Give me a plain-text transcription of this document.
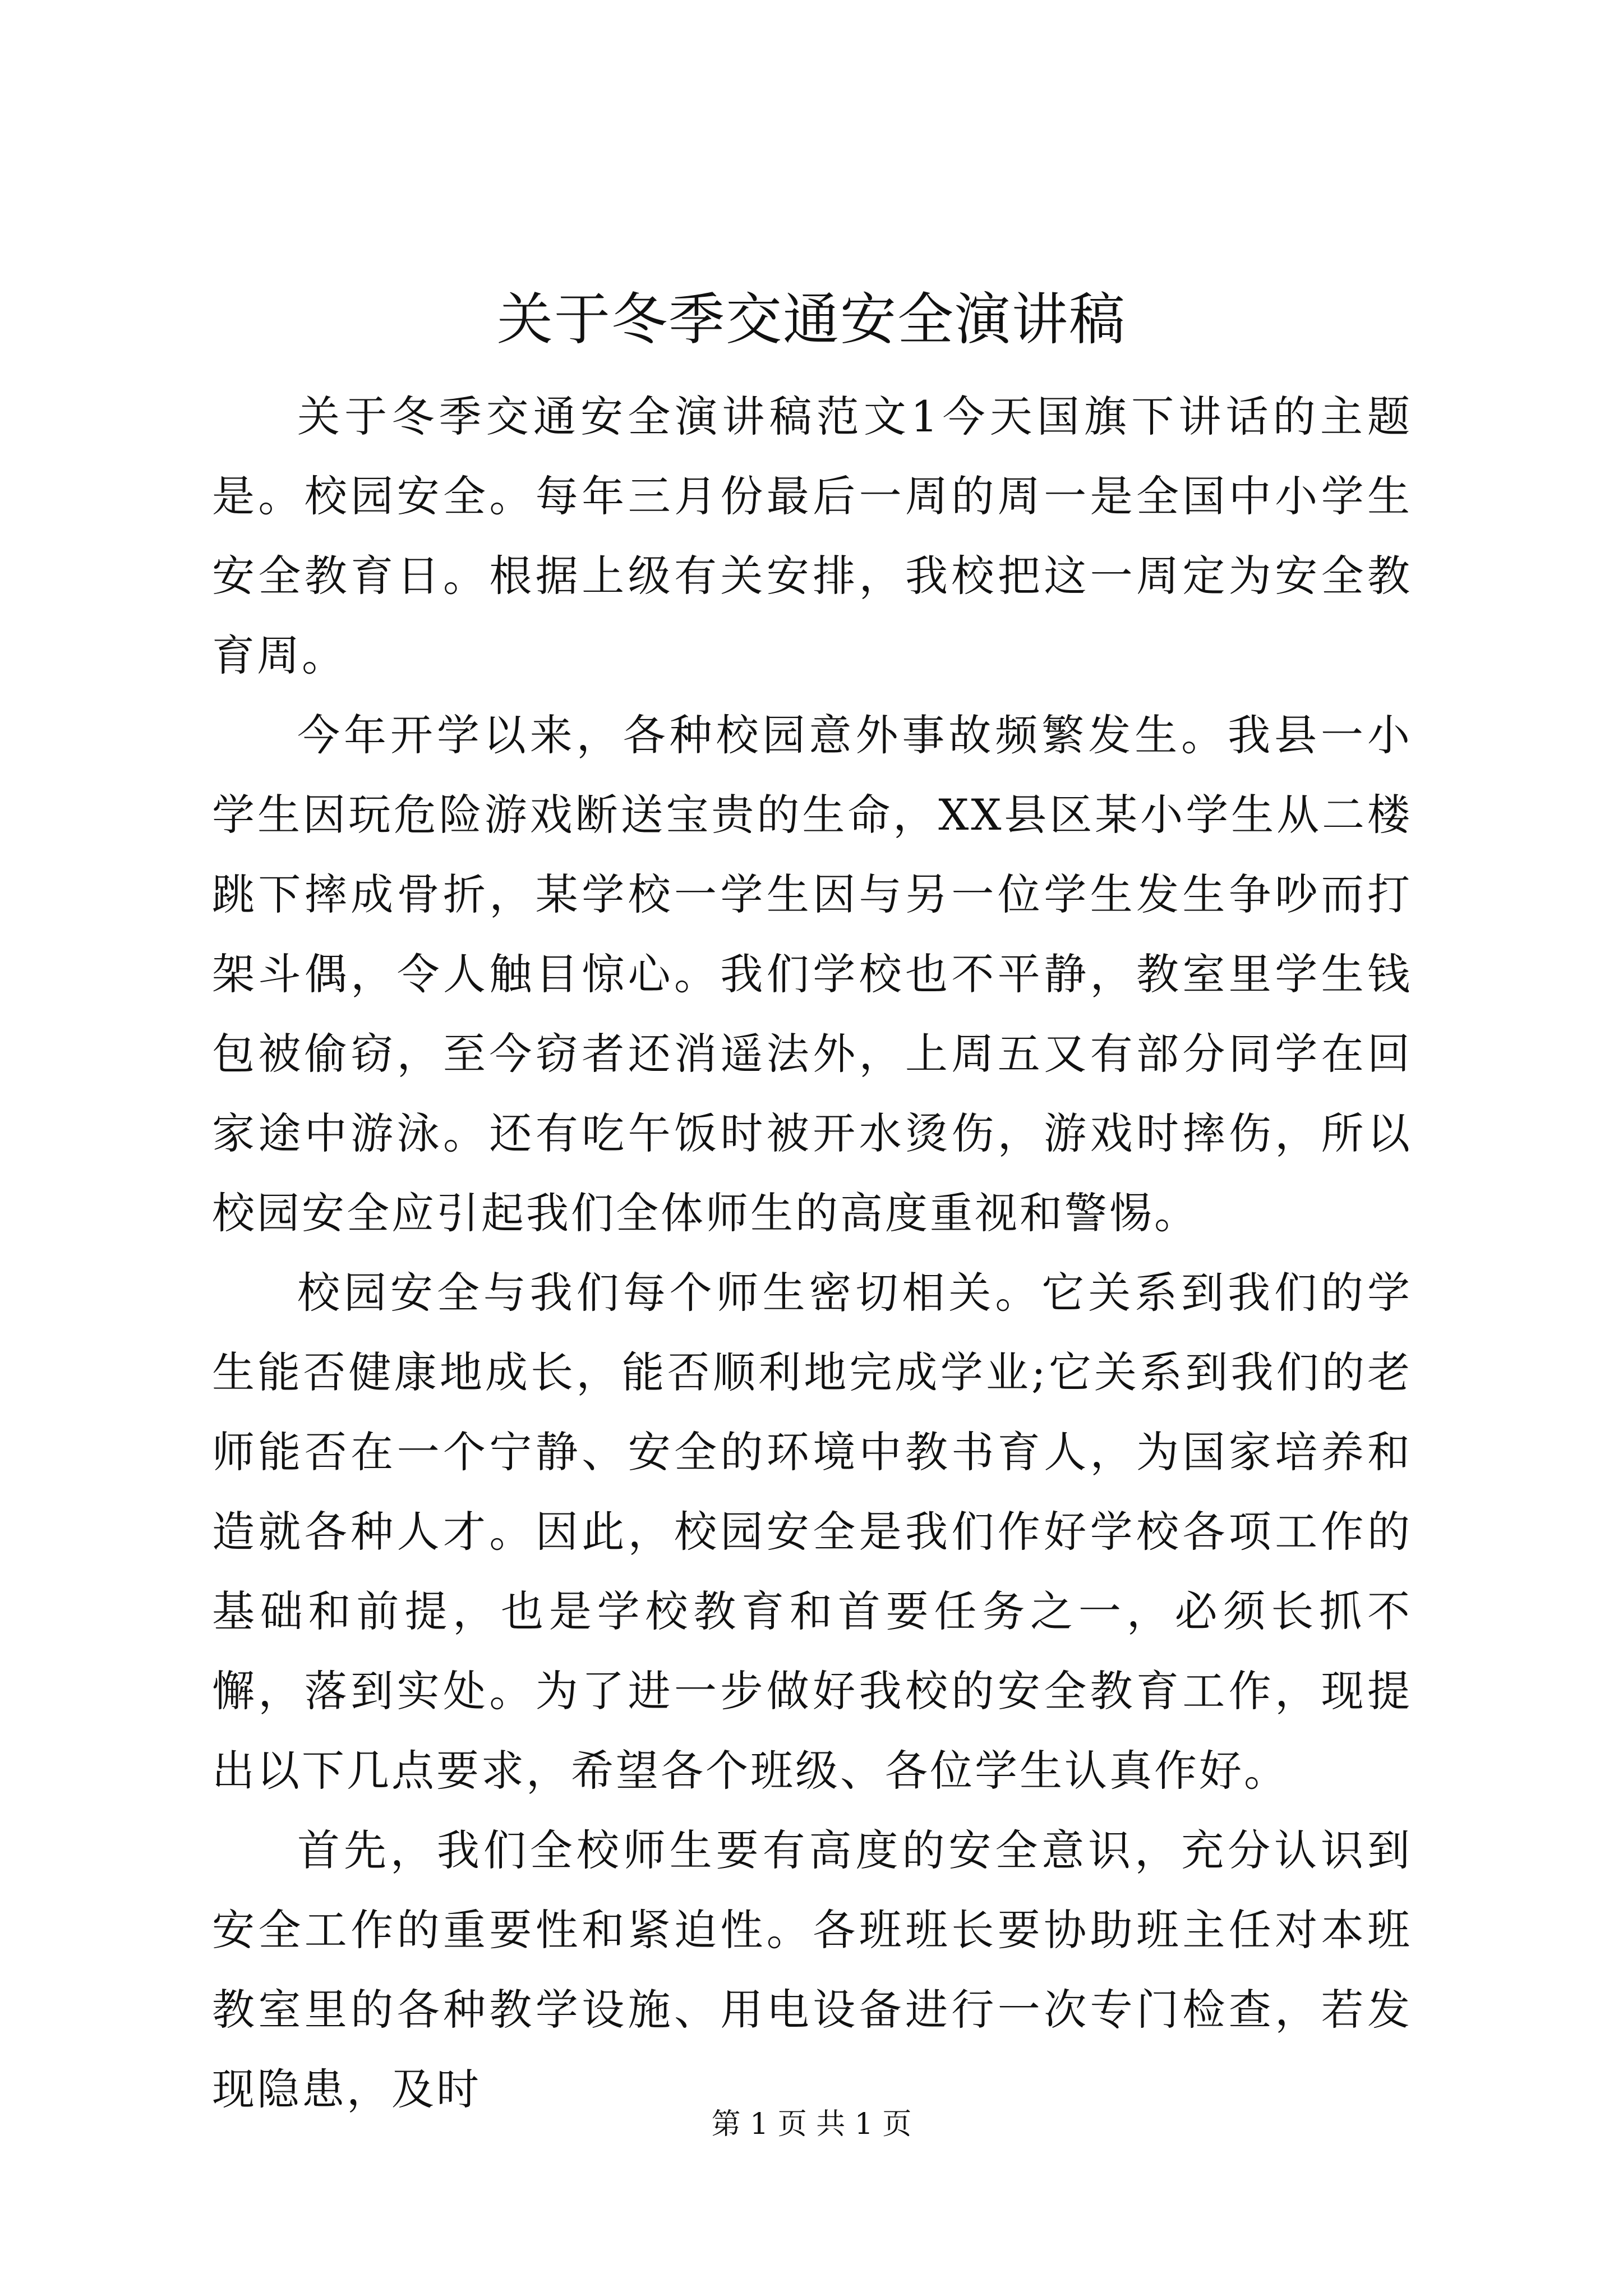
关于冬季交通安全演讲稿

关于冬季交通安全演讲稿范文1今天国旗下讲话的主题是。校园安全。每年三月份最后一周的周一是全国中小学生安全教育日。根据上级有关安排，我校把这一周定为安全教育周。

今年开学以来，各种校园意外事故频繁发生。我县一小学生因玩危险游戏断送宝贵的生命，XX县区某小学生从二楼跳下摔成骨折，某学校一学生因与另一位学生发生争吵而打架斗偶，令人触目惊心。我们学校也不平静，教室里学生钱包被偷窃，至今窃者还消遥法外，上周五又有部分同学在回家途中游泳。还有吃午饭时被开水烫伤，游戏时摔伤，所以校园安全应引起我们全体师生的高度重视和警惕。

校园安全与我们每个师生密切相关。它关系到我们的学生能否健康地成长，能否顺利地完成学业;它关系到我们的老师能否在一个宁静、安全的环境中教书育人，为国家培养和造就各种人才。因此，校园安全是我们作好学校各项工作的基础和前提，也是学校教育和首要任务之一，必须长抓不懈，落到实处。为了进一步做好我校的安全教育工作，现提出以下几点要求，希望各个班级、各位学生认真作好。

首先，我们全校师生要有高度的安全意识，充分认识到安全工作的重要性和紧迫性。各班班长要协助班主任对本班教室里的各种教学设施、用电设备进行一次专门检查，若发现隐患，及时

第 1 页 共 1 页
